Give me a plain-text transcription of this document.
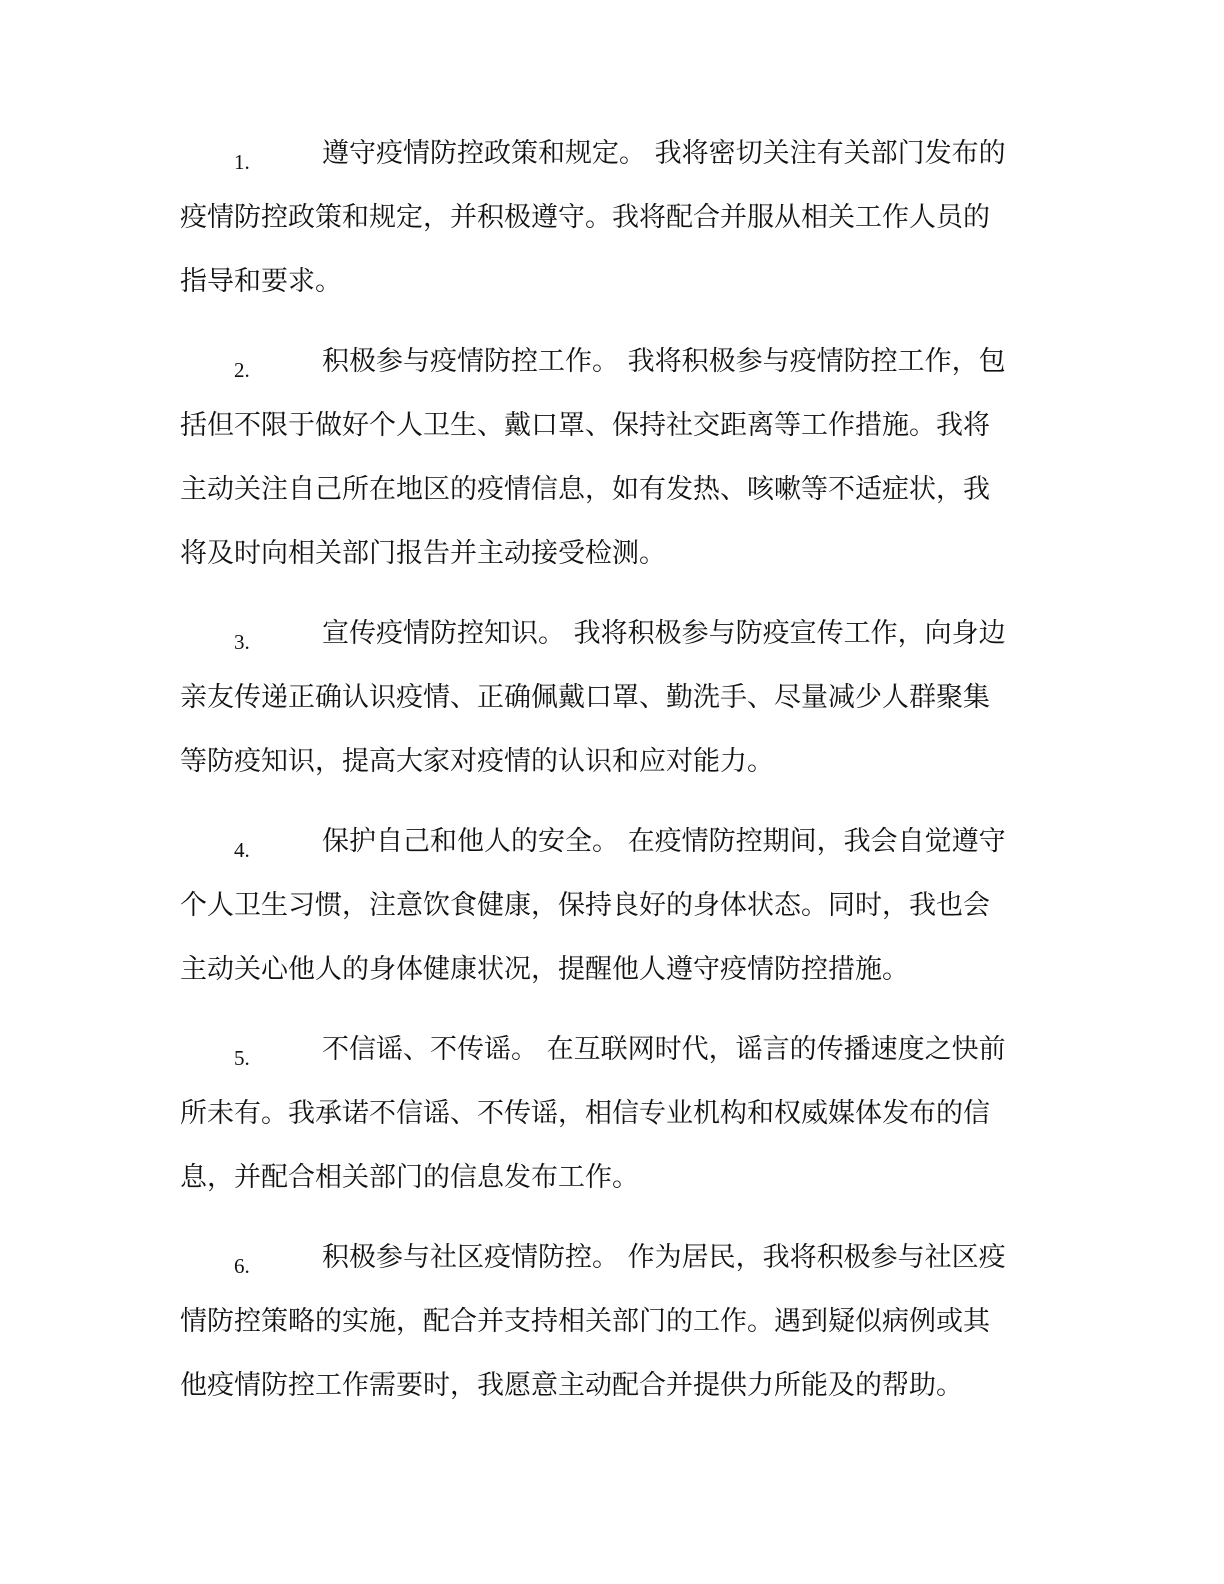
1.	遵守疫情防控政策和规定。 我将密切关注有关部门发布的
疫情防控政策和规定，并积极遵守。我将配合并服从相关工作人员的
指导和要求。
2.	积极参与疫情防控工作。 我将积极参与疫情防控工作，包
括但不限于做好个人卫生、戴口罩、保持社交距离等工作措施。我将
主动关注自己所在地区的疫情信息，如有发热、咳嗽等不适症状，我
将及时向相关部门报告并主动接受检测。
3.	宣传疫情防控知识。 我将积极参与防疫宣传工作，向身边
亲友传递正确认识疫情、正确佩戴口罩、勤洗手、尽量减少人群聚集
等防疫知识，提高大家对疫情的认识和应对能力。
4.	保护自己和他人的安全。 在疫情防控期间，我会自觉遵守
个人卫生习惯，注意饮食健康，保持良好的身体状态。同时，我也会
主动关心他人的身体健康状况，提醒他人遵守疫情防控措施。
5.	不信谣、不传谣。 在互联网时代，谣言的传播速度之快前
所未有。我承诺不信谣、不传谣，相信专业机构和权威媒体发布的信
息，并配合相关部门的信息发布工作。
6.	积极参与社区疫情防控。 作为居民，我将积极参与社区疫
情防控策略的实施，配合并支持相关部门的工作。遇到疑似病例或其
他疫情防控工作需要时，我愿意主动配合并提供力所能及的帮助。
